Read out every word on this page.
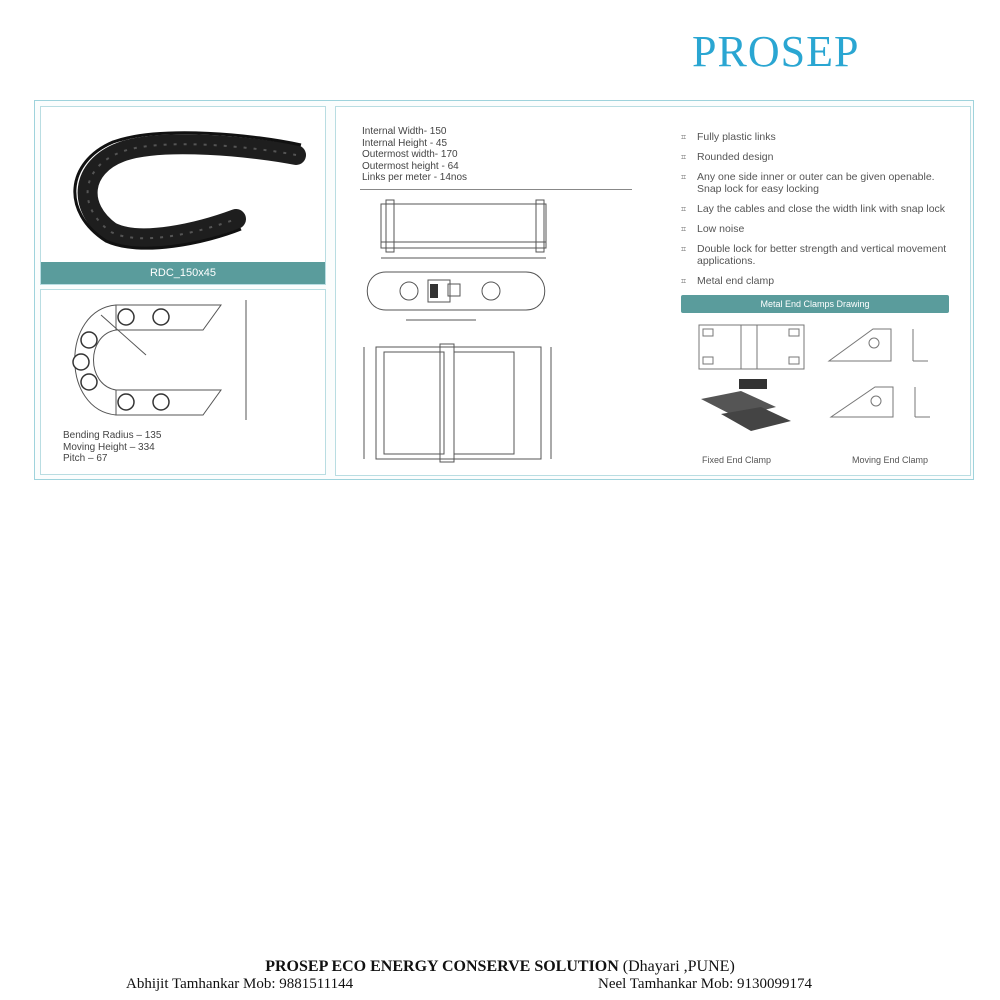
PROSEP
RDC_150x45
Bending Radius – 135
Moving Height – 334
Pitch – 67
Internal Width- 150
Internal Height - 45
Outermost width- 170
Outermost height - 64
Links per meter - 14nos
⌗	Fully plastic links
⌗	Rounded design
⌗	Any one side inner or outer can be given openable. Snap lock for easy locking
⌗	Lay the cables and close the width link with snap lock
⌗	Low noise
⌗	Double lock for better strength and vertical movement applications.
⌗	Metal end clamp
Metal End Clamps Drawing
Fixed End Clamp	Moving End Clamp
PROSEP ECO ENERGY CONSERVE SOLUTION (Dhayari ,PUNE)
Abhijit Tamhankar Mob: 9881511144	Neel Tamhankar Mob: 9130099174
